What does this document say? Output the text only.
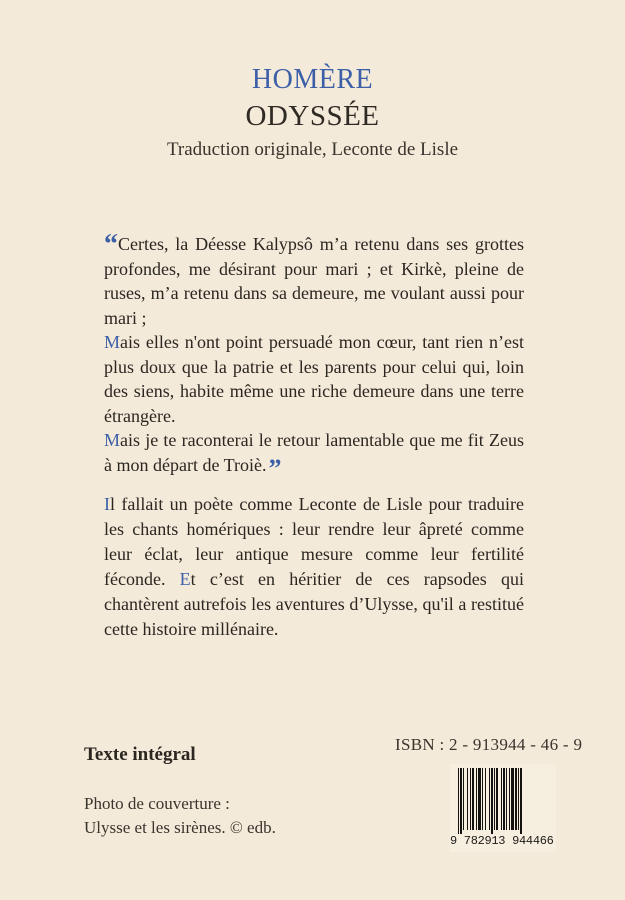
HOMÈRE
ODYSSÉE
Traduction originale, Leconte de Lisle

“Certes, la Déesse Kalypsô m’a retenu dans ses grottes profondes, me désirant pour mari ; et Kirkè, pleine de ruses, m’a retenu dans sa demeure, me voulant aussi pour mari ;

Mais elles n'ont point persuadé mon cœur, tant rien n’est plus doux que la patrie et les parents pour celui qui, loin des siens, habite même une riche demeure dans une terre étrangère.

Mais je te raconterai le retour lamentable que me fit Zeus à mon départ de Troiè.”

Il fallait un poète comme Leconte de Lisle pour traduire les chants homériques : leur rendre leur âpreté comme leur éclat, leur antique mesure comme leur fertilité féconde. Et c’est en héritier de ces rapsodes qui chantèrent autrefois les aventures d’Ulysse, qu'il a restitué cette histoire millénaire.

Texte intégral	ISBN : 2 - 913944 - 46 - 9
Photo de couverture :
Ulysse et les sirènes. © edb.
9 782913 944466
